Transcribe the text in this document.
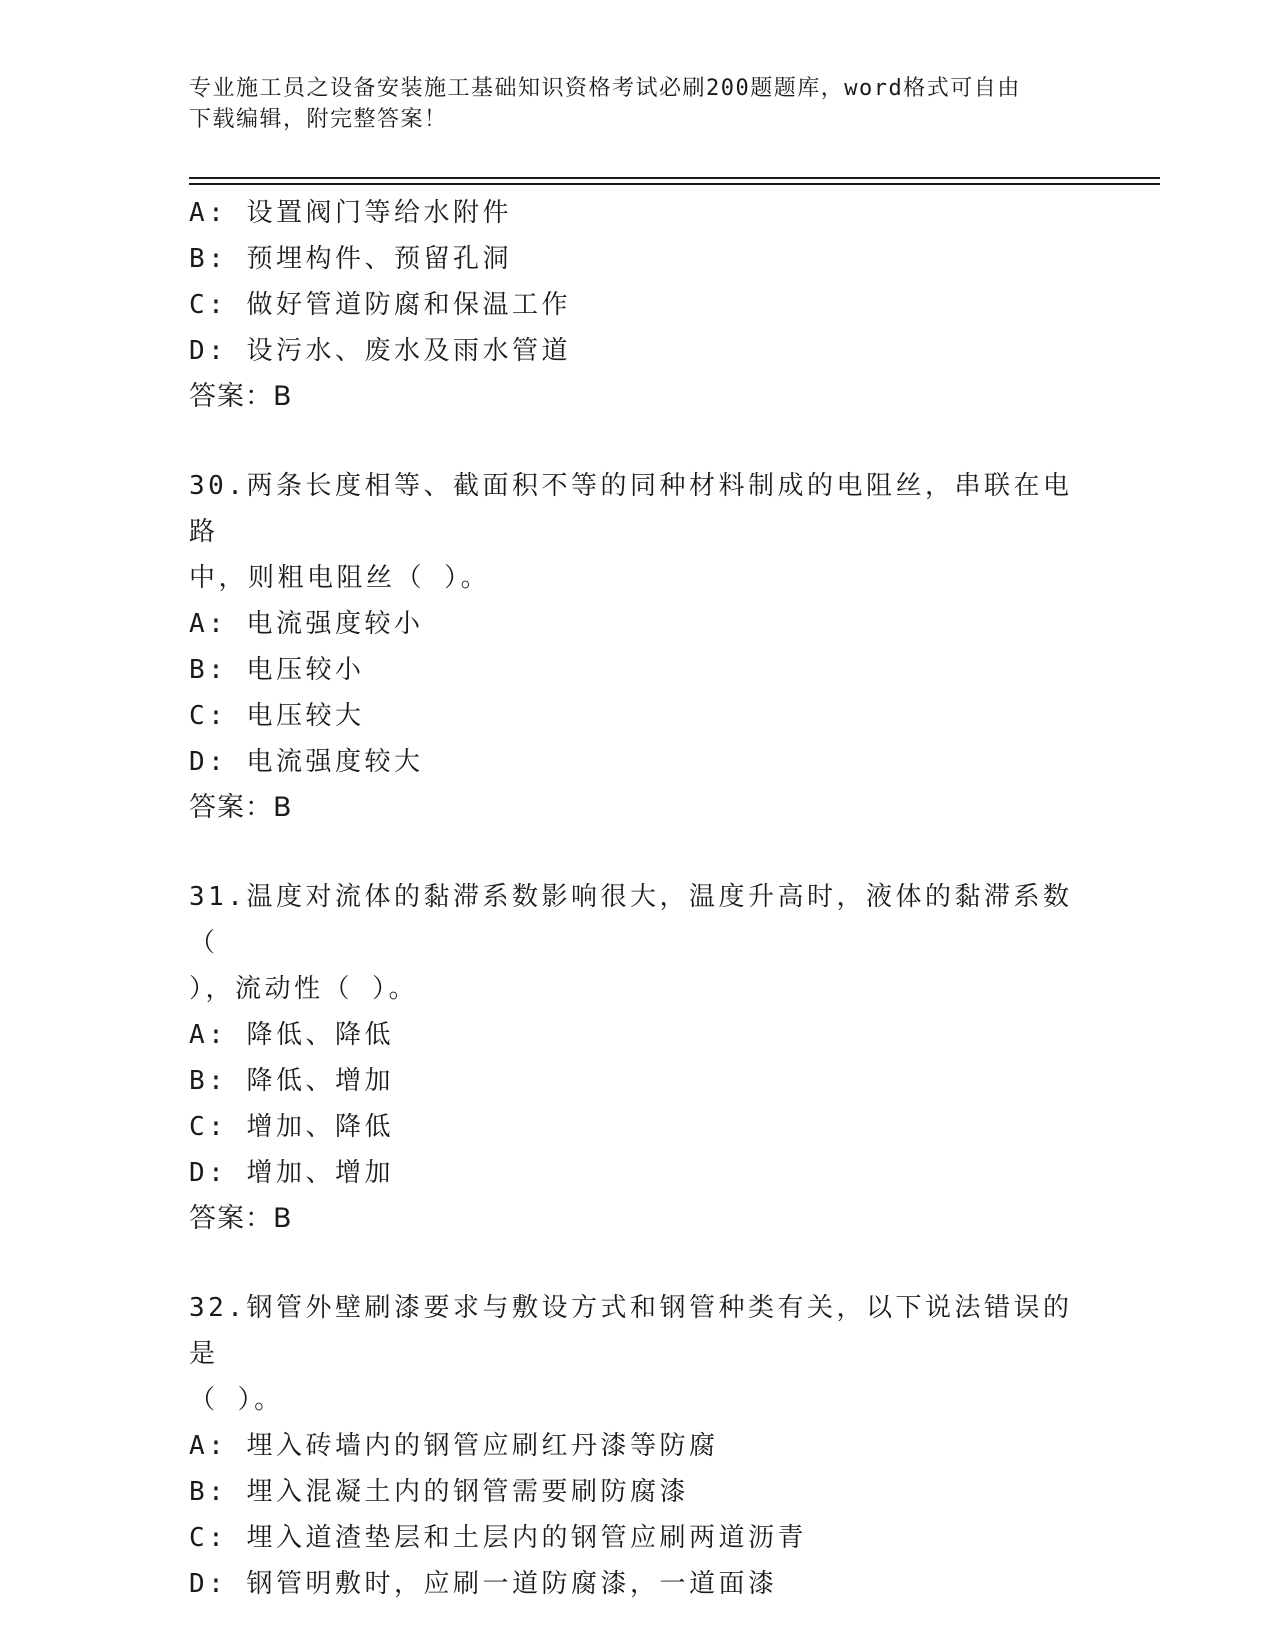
专业施工员之设备安装施工基础知识资格考试必刷200题题库，word格式可自由
下载编辑，附完整答案！
A: 设置阀门等给水附件
B: 预埋构件、预留孔洞
C: 做好管道防腐和保温工作
D: 设污水、废水及雨水管道
答案：B
30.两条长度相等、截面积不等的同种材料制成的电阻丝，串联在电路
中，则粗电阻丝（ ）。
A: 电流强度较小
B: 电压较小
C: 电压较大
D: 电流强度较大
答案：B
31.温度对流体的黏滞系数影响很大，温度升高时，液体的黏滞系数（
），流动性（ ）。
A: 降低、降低
B: 降低、增加
C: 增加、降低
D: 增加、增加
答案：B
32.钢管外壁刷漆要求与敷设方式和钢管种类有关，以下说法错误的是
（ ）。
A: 埋入砖墙内的钢管应刷红丹漆等防腐
B: 埋入混凝土内的钢管需要刷防腐漆
C: 埋入道渣垫层和土层内的钢管应刷两道沥青
D: 钢管明敷时，应刷一道防腐漆，一道面漆
